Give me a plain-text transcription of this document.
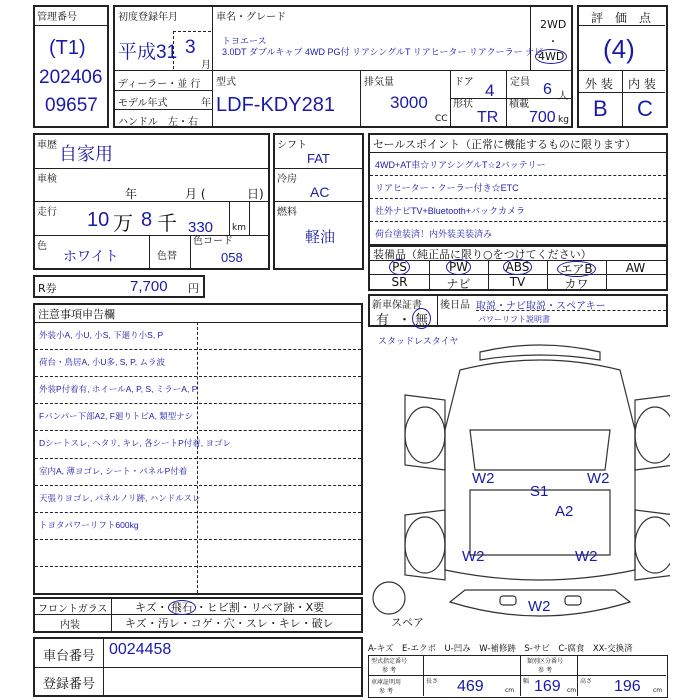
管理番号
(T1)
202406
09657
初度登録年月
平成31 3
月
車名・グレード
トヨエース
3.0DT ダブルキャブ 4WD PG付 リアシングルT リアヒーター リアクーラー ナビ
2WD
・
4WD
ディーラー・並 行
モデル年式	年
ハンドル　左・右
型式
LDF-KDY281
排気量
3000
CC
ドア 4 定員 6 人
形状
TR
積載
700 kg
評　価　点
(4)
外 装 内 装
B C
車歴 自家用
車検
年	月 (	日)
走行 10 万 8 千 330 km
色
ホワイト	色替
色コード
058
シフト
FAT
冷房
AC
燃料
軽油
R券	7,700 円
セールスポイント（正常に機能するものに限ります）
4WD+AT車☆リアシングルT☆2バッテリー
リアヒーター・クーラー付き☆ETC
社外ナビTV+Bluetooth+バックカメラ
荷台塗装済！内外装美装済み
装備品（純正品に限り○をつけてください）
PS	PW	ABS	エアB	AW
SR	ナビ	TV	カワ
新車保証書
有 ・ 無
後日品 取説・ナビ取説・スペアキー
パワーリフト説明書
スタッドレスタイヤ
W2	W2
S1
A2
W2	W2
W2
スペア
注意事項申告欄
外装小A, 小U, 小S, 下廻り小S, P
荷台・鳥居A, 小U多, S, P, ムラ波
外装P付着有, ホイールA, P, S, ミラーA, P
Fバンパー下部A2, F廻りトビA, 類型ナシ
Dシートスレ, ヘタリ, キレ, 各シートP付着, ヨゴレ
室内A, 薄ヨゴレ, シート・パネルP付着
天張りヨゴレ, パネルノリ跡, ハンドルスレ
トヨタパワーリフト600kg
フロントガラス	キズ・ 飛石 ・ヒビ割・リペア跡・X要
内装	キズ・汚レ・コゲ・穴・スレ・キレ・破レ
車台番号 0024458
登録番号
A-キズ　E-エクボ　U-凹み　W-補修跡　S-サビ　C-腐食　XX-交換済
型式指定番号
参 考
類別区分番号
参 考
車庫証明用
参 考
長さ 469	cm
幅 169 cm
高さ 196 cm
